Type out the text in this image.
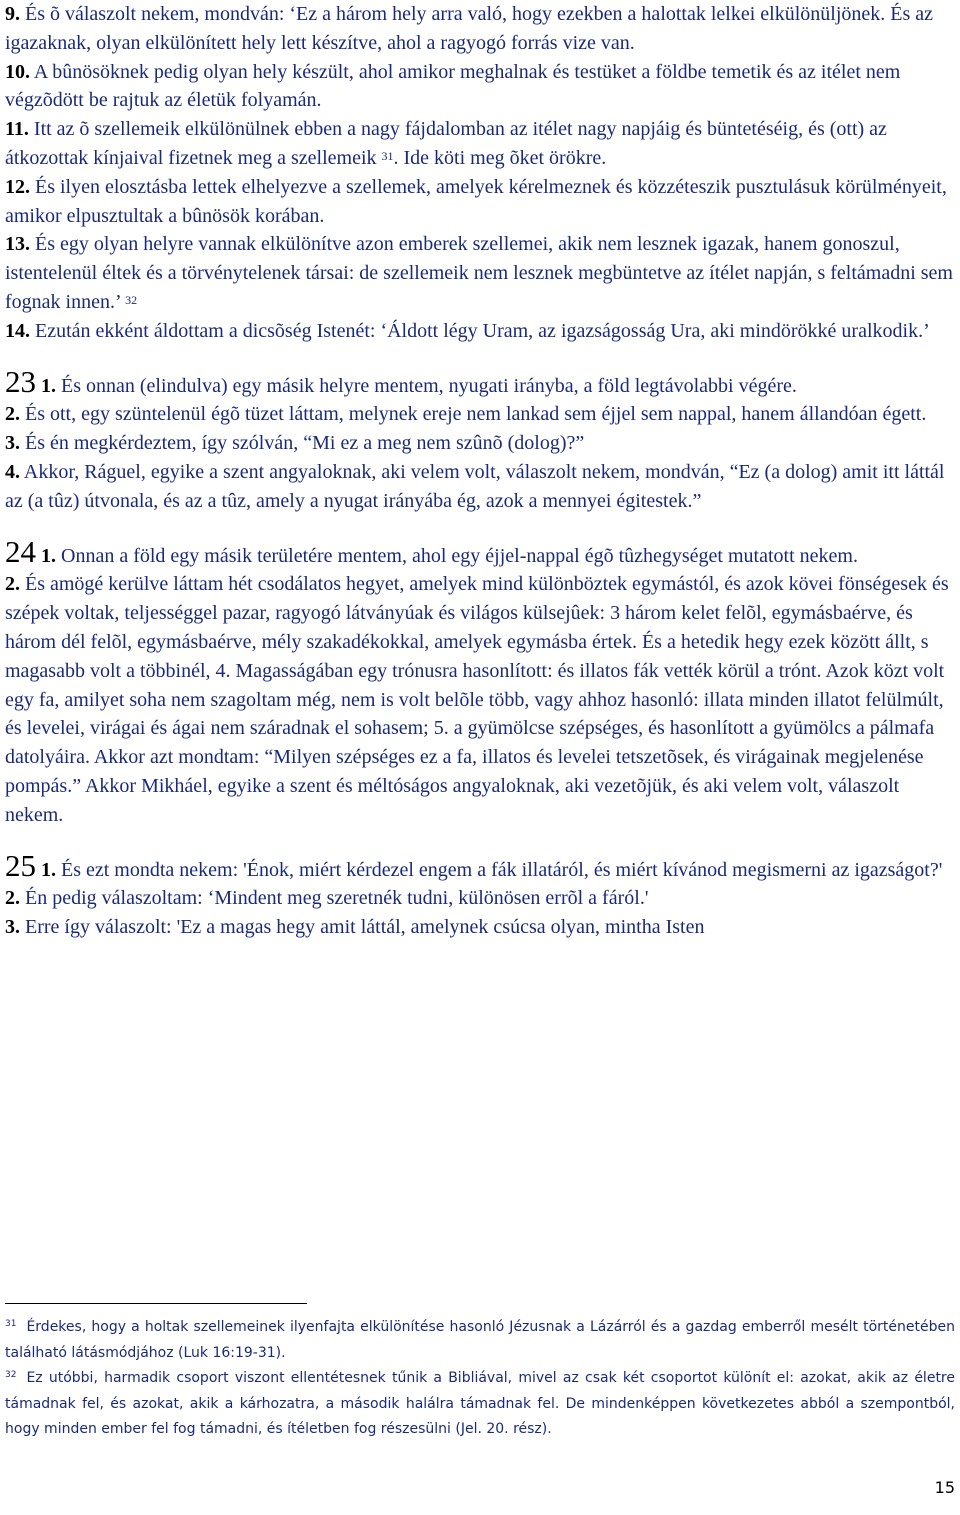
9. És õ válaszolt nekem, mondván: ‘Ez a három hely arra való, hogy ezekben a halottak lelkei elkülönüljönek. És az igazaknak, olyan elkülönített hely lett készítve, ahol a ragyogó forrás vize van.
10. A bûnösöknek pedig olyan hely készült, ahol amikor meghalnak és testüket a földbe temetik és az itélet nem végzõdött be rajtuk az életük folyamán.
11. Itt az õ szellemeik elkülönülnek ebben a nagy fájdalomban az itélet nagy napjáig és büntetéséig, és (ott) az átkozottak kínjaival fizetnek meg a szellemeik $^{31}$. Ide köti meg õket örökre.
12. És ilyen elosztásba lettek elhelyezve a szellemek, amelyek kérelmeznek és közzéteszik pusztulásuk körülményeit, amikor elpusztultak a bûnösök korában.
13. És egy olyan helyre vannak elkülönítve azon emberek szellemei, akik nem lesznek igazak, hanem gonoszul, istentelenül éltek és a törvénytelenek társai: de szellemeik nem lesznek megbüntetve az ítélet napján, s feltámadni sem fognak innen.’ $^{32}$
14. Ezután ekként áldottam a dicsõség Istenét: ‘Áldott légy Uram, az igazságosság Ura, aki mindörökké uralkodik.’
23 1. És onnan (elindulva) egy másik helyre mentem, nyugati irányba, a föld legtávolabbi végére.
2. És ott, egy szüntelenül égõ tüzet láttam, melynek ereje nem lankad sem éjjel sem nappal, hanem állandóan égett.
3. És én megkérdeztem, így szólván, “Mi ez a meg nem szûnõ (dolog)?”
4. Akkor, Ráguel, egyike a szent angyaloknak, aki velem volt, válaszolt nekem, mondván, “Ez (a dolog) amit itt láttál az (a tûz) útvonala, és az a tûz, amely a nyugat irányába ég, azok a mennyei égitestek.”
24 1. Onnan a föld egy másik területére mentem, ahol egy éjjel-nappal égõ tûzhegységet mutatott nekem.
2. És amögé kerülve láttam hét csodálatos hegyet, amelyek mind különböztek egymástól, és azok kövei fönségesek és szépek voltak, teljességgel pazar, ragyogó látványúak és világos külsejûek: 3 három kelet felõl, egymásbaérve, és három dél felõl, egymásbaérve, mély szakadékokkal, amelyek egymásba értek. És a hetedik hegy ezek között állt, s magasabb volt a többinél, 4. Magasságában egy trónusra hasonlított: és illatos fák vették körül a trónt. Azok közt volt egy fa, amilyet soha nem szagoltam még, nem is volt belõle több, vagy ahhoz hasonló: illata minden illatot felülmúlt, és levelei, virágai és ágai nem száradnak el sohasem; 5. a gyümölcse szépséges, és hasonlított a gyümölcs a pálmafa datolyáira. Akkor azt mondtam: “Milyen szépséges ez a fa, illatos és levelei tetszetõsek, és virágainak megjelenése pompás.” Akkor Mikháel, egyike a szent és méltóságos angyaloknak, aki vezetõjük, és aki velem volt, válaszolt nekem.
25 1. És ezt mondta nekem: 'Énok, miért kérdezel engem a fák illatáról, és miért kívánod megismerni az igazságot?'
2. Én pedig válaszoltam: ‘Mindent meg szeretnék tudni, különösen errõl a fáról.'
3. Erre így válaszolt: 'Ez a magas hegy amit láttál, amelynek csúcsa olyan, mintha Isten
$^{31}$ Érdekes, hogy a holtak szellemeinek ilyenfajta elkülönítése hasonló Jézusnak a Lázárról és a gazdag emberről mesélt történetében található látásmódjához (Luk 16:19-31).
$^{32}$ Ez utóbbi, harmadik csoport viszont ellentétesnek tűnik a Bibliával, mivel az csak két csoportot különít el: azokat, akik az életre támadnak fel, és azokat, akik a kárhozatra, a második halálra támadnak fel. De mindenképpen következetes abból a szempontból, hogy minden ember fel fog támadni, és ítéletben fog részesülni (Jel. 20. rész).
15
